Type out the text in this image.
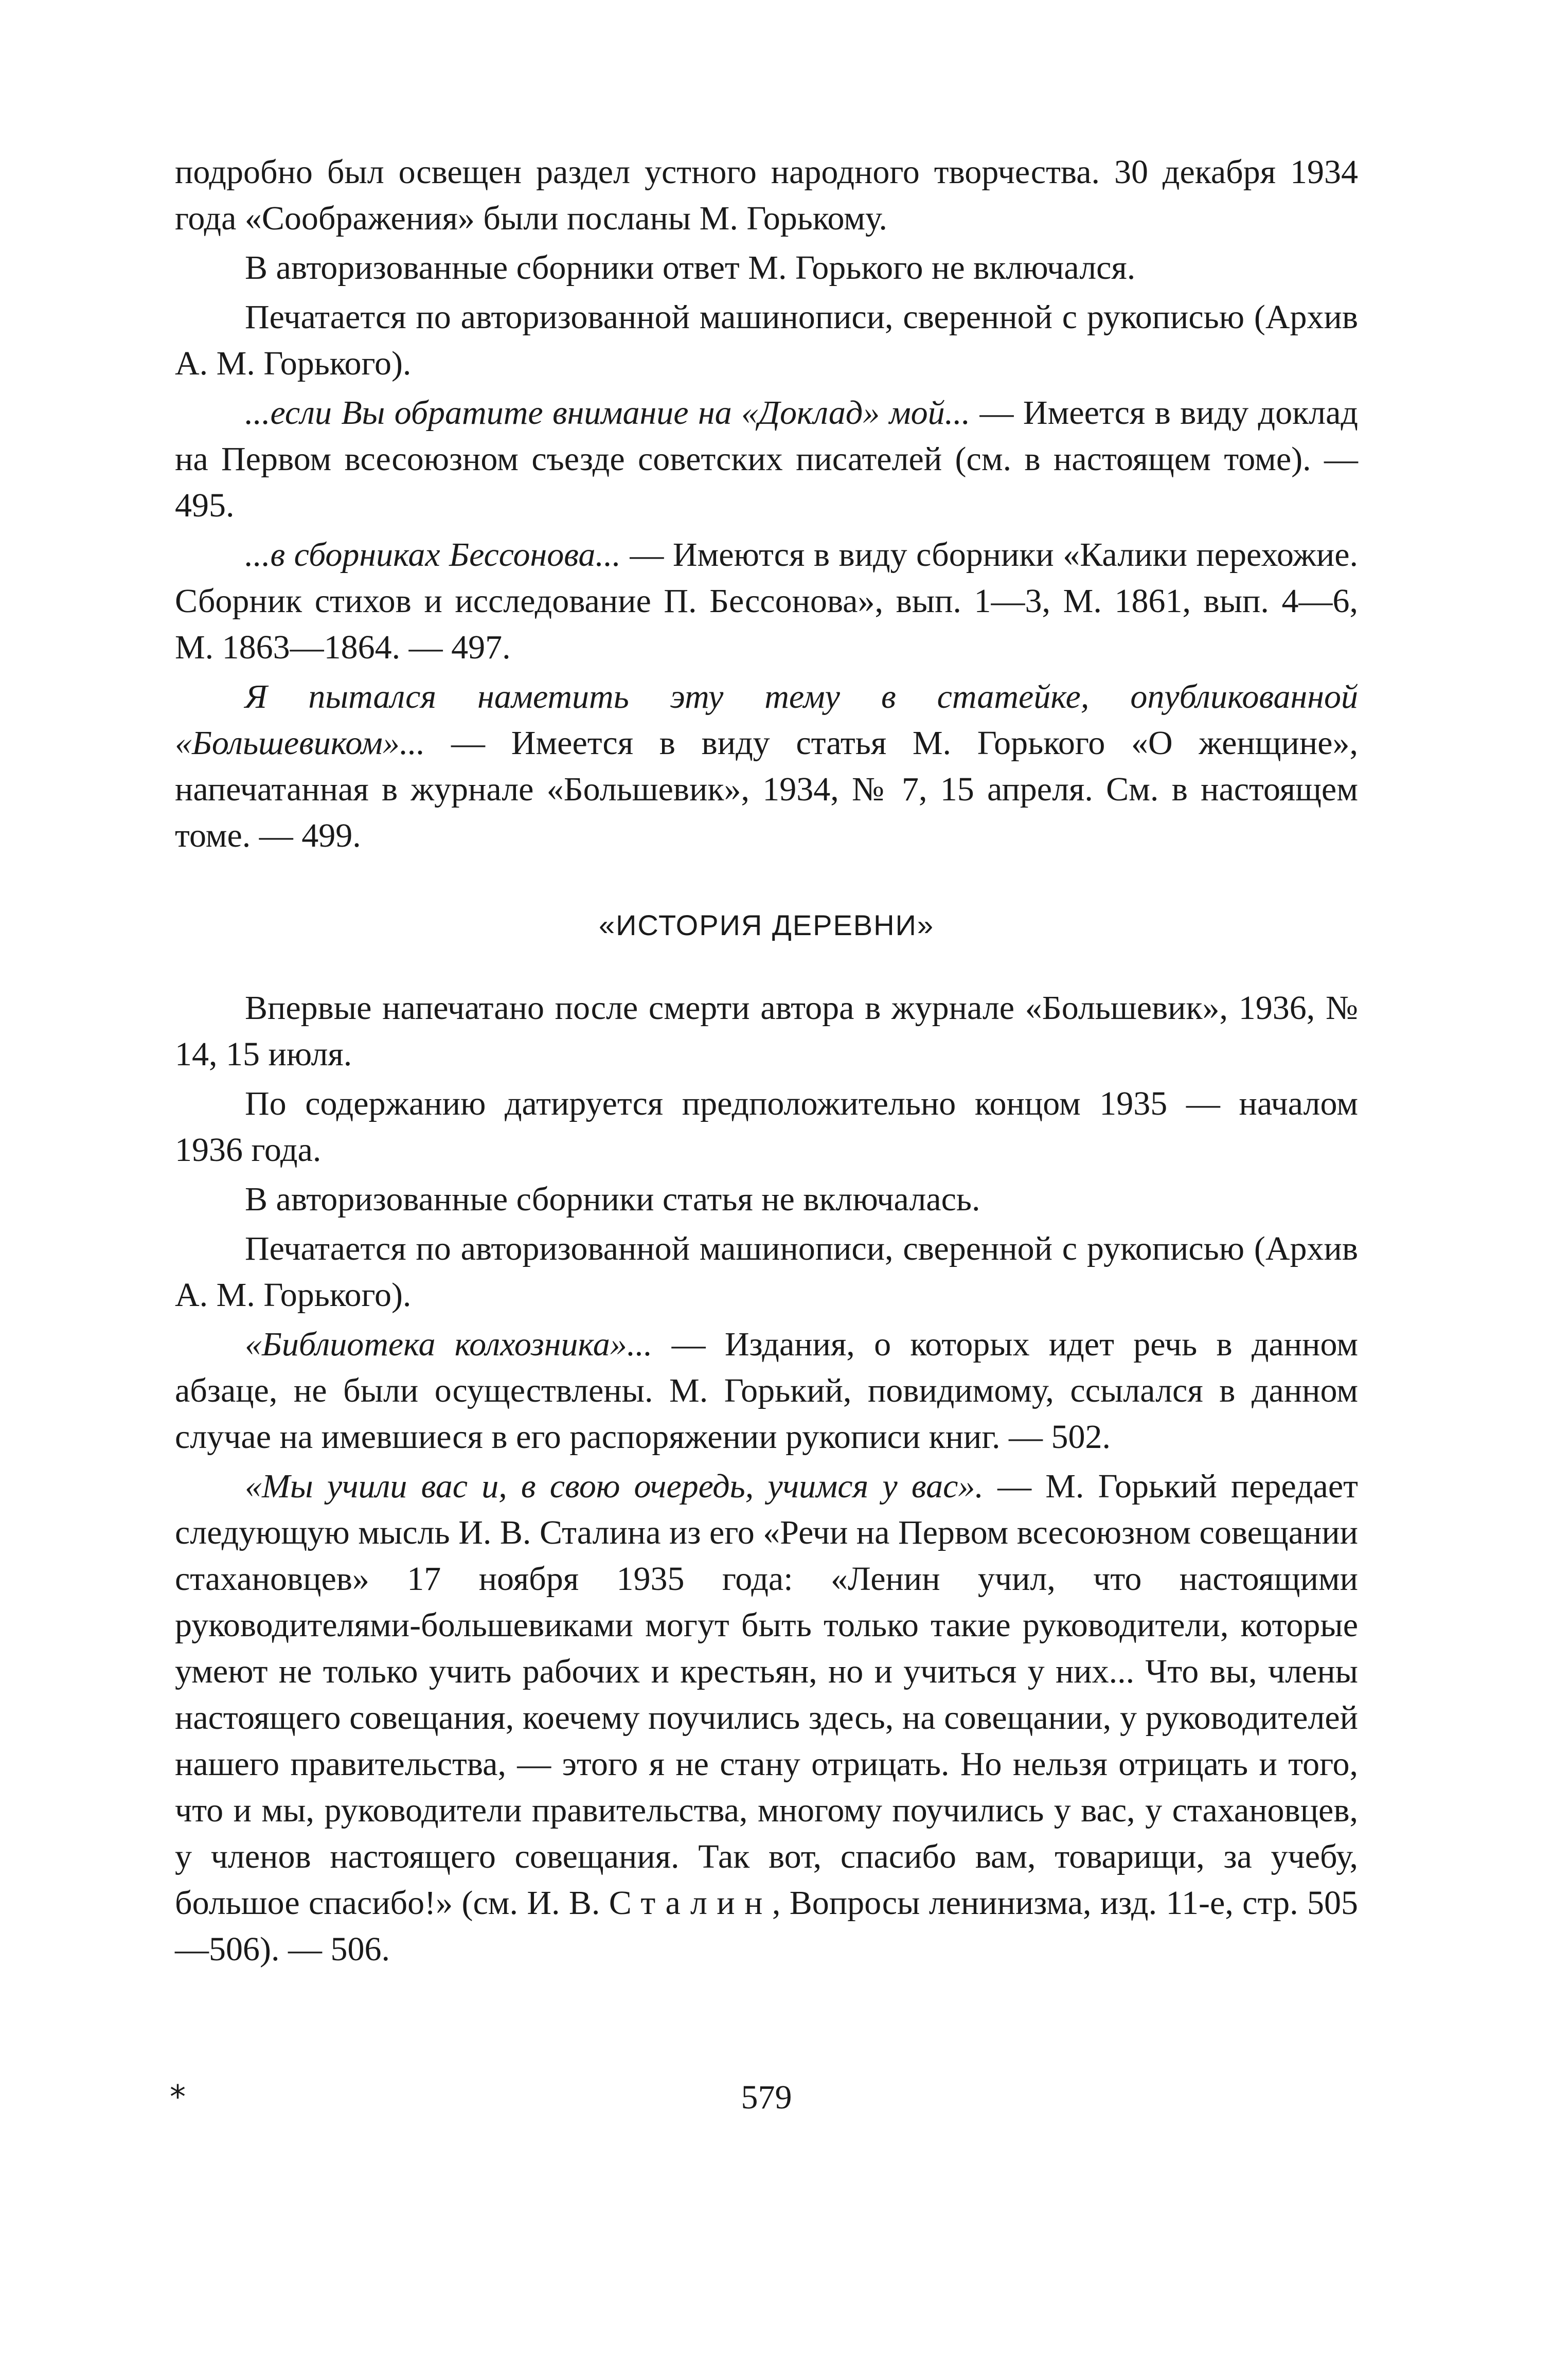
подробно был освещен раздел устного народного творчества. 30 декабря 1934 года «Соображения» были посланы М. Горькому.

В авторизованные сборники ответ М. Горького не включался.

Печатается по авторизованной машинописи, сверенной с рукописью (Архив А. М. Горького).

...если Вы обратите внимание на «Доклад» мой... — Имеется в виду доклад на Первом всесоюзном съезде советских писателей (см. в настоящем томе). — 495.

...в сборниках Бессонова... — Имеются в виду сборники «Калики перехожие. Сборник стихов и исследование П. Бессонова», вып. 1—3, М. 1861, вып. 4—6, М. 1863—1864. — 497.

Я пытался наметить эту тему в статейке, опубликованной «Большевиком»... — Имеется в виду статья М. Горького «О женщине», напечатанная в журнале «Большевик», 1934, № 7, 15 апреля. См. в настоящем томе. — 499.

«ИСТОРИЯ ДЕРЕВНИ»

Впервые напечатано после смерти автора в журнале «Большевик», 1936, № 14, 15 июля.

По содержанию датируется предположительно концом 1935 — началом 1936 года.

В авторизованные сборники статья не включалась.

Печатается по авторизованной машинописи, сверенной с рукописью (Архив А. М. Горького).

«Библиотека колхозника»... — Издания, о которых идет речь в данном абзаце, не были осуществлены. М. Горький, повидимому, ссылался в данном случае на имевшиеся в его распоряжении рукописи книг. — 502.

«Мы учили вас и, в свою очередь, учимся у вас». — М. Горький передает следующую мысль И. В. Сталина из его «Речи на Первом всесоюзном совещании стахановцев» 17 ноября 1935 года: «Ленин учил, что настоящими руководителями-большевиками могут быть только такие руководители, которые умеют не только учить рабочих и крестьян, но и учиться у них... Что вы, члены настоящего совещания, коечему поучились здесь, на совещании, у руководителей нашего правительства, — этого я не стану отрицать. Но нельзя отрицать и того, что и мы, руководители правительства, многому поучились у вас, у стахановцев, у членов настоящего совещания. Так вот, спасибо вам, товарищи, за учебу, большое спасибо!» (см. И. В. Сталин, Вопросы ленинизма, изд. 11-е, стр. 505—506). — 506.

*	579
